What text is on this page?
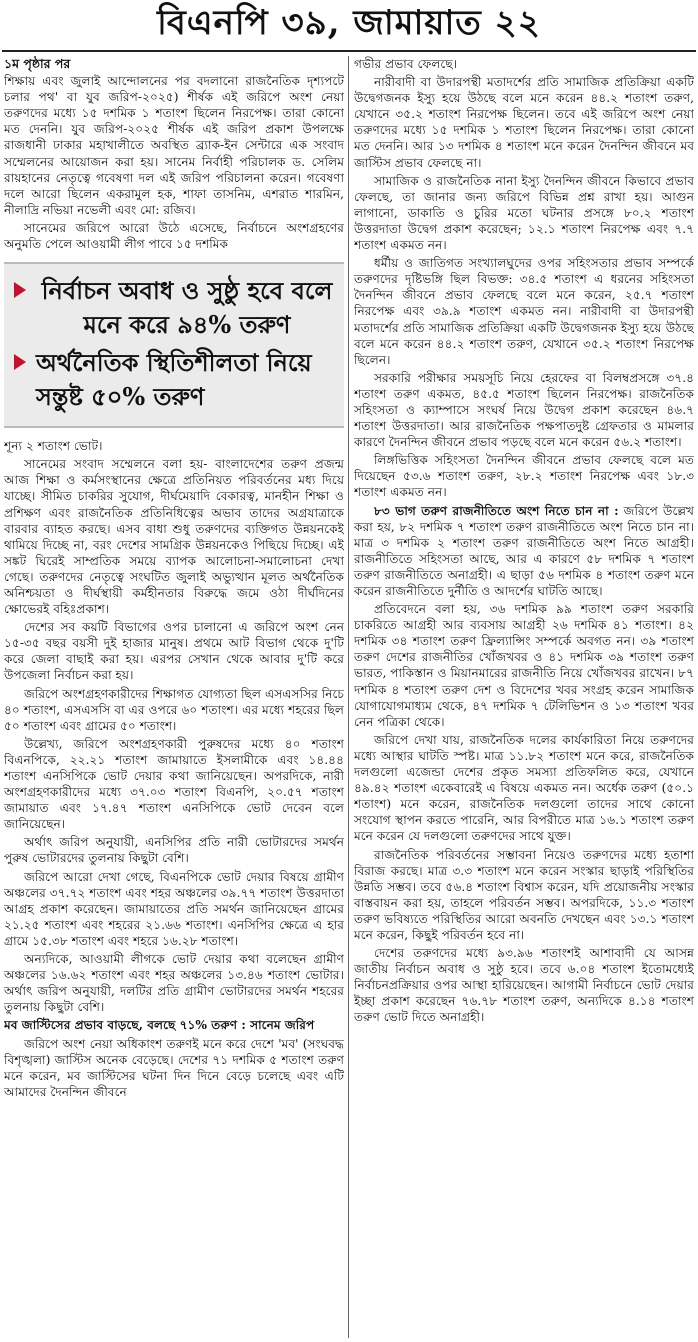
বিএনপি ৩৯, জামায়াত ২২
১ম পৃষ্ঠার পর

শিক্ষায় এবং জুলাই আন্দোলনের পর বদলানো রাজনৈতিক দৃশ্যপটে চলার পথ' বা যুব জরিপ-২০২৫) শীর্ষক এই জরিপে অংশ নেয়া তরুণদের মধ্যে ১৫ দশমিক ১ শতাংশ ছিলেন নিরপেক্ষ। তারা কোনো মত দেননি। যুব জরিপ-২০২৫ শীর্ষক এই জরিপ প্রকাশ উপলক্ষে রাজধানী ঢাকার মহাখালীতে অবস্থিত ব্র্যাক-ইন সেন্টারে এক সংবাদ সম্মেলনের আয়োজন করা হয়। সানেম নির্বাহী পরিচালক ড. সেলিম রায়হানের নেতৃত্বে গবেষণা দল এই জরিপ পরিচালনা করেন। গবেষণা দলে আরো ছিলেন একরামুল হক, শাফা তাসনিম, এশরাত শারমিন, নীলাদ্রি নভিয়া নভেলী এবং মো: রজিব।

সানেমের জরিপে আরো উঠে এসেছে, নির্বাচনে অংশগ্রহণের অনুমতি পেলে আওয়ামী লীগ পাবে ১৫ দশমিক

নির্বাচন অবাধ ও সুষ্ঠু হবে বলে মনে করে ৯৪% তরুণ
অর্থনৈতিক স্থিতিশীলতা নিয়ে সন্তুষ্ট ৫০% তরুণ

শূন্য ২ শতাংশ ভোট।

সানেমের সংবাদ সম্মেলনে বলা হয়- বাংলাদেশের তরুণ প্রজন্ম আজ শিক্ষা ও কর্মসংস্থানের ক্ষেত্রে প্রতিনিয়ত পরিবর্তনের মধ্য দিয়ে যাচ্ছে। সীমিত চাকরির সুযোগ, দীর্ঘমেয়াদি বেকারত্ব, মানহীন শিক্ষা ও প্রশিক্ষণ এবং রাজনৈতিক প্রতিনিধিত্বের অভাব তাদের অগ্রযাত্রাকে বারবার ব্যাহত করছে। এসব বাধা শুধু তরুণদের ব্যক্তিগত উন্নয়নকেই থামিয়ে দিচ্ছে না, বরং দেশের সামগ্রিক উন্নয়নকেও পিছিয়ে দিচ্ছে। এই সঙ্কট ঘিরেই সাম্প্রতিক সময়ে ব্যাপক আলোচনা-সমালোচনা দেখা গেছে। তরুণদের নেতৃত্বে সংঘটিত জুলাই অভ্যুত্থান মূলত অর্থনৈতিক অনিশ্চয়তা ও দীর্ঘস্থায়ী কর্মহীনতার বিরুদ্ধে জমে ওঠা দীর্ঘদিনের ক্ষোভেরই বহিঃপ্রকাশ।

দেশের সব কয়টি বিভাগের ওপর চালানো এ জরিপে অংশ নেন ১৫-৩৫ বছর বয়সী দুই হাজার মানুষ। প্রথমে আট বিভাগ থেকে দু'টি করে জেলা বাছাই করা হয়। এরপর সেখান থেকে আবার দু'টি করে উপজেলা নির্বাচন করা হয়।

জরিপে অংশগ্রহণকারীদের শিক্ষাগত যোগ্যতা ছিল এসএসসির নিচে ৪০ শতাংশ, এসএসসি বা এর ওপরে ৬০ শতাংশ। এর মধ্যে শহরের ছিল ৫০ শতাংশ এবং গ্রামের ৫০ শতাংশ।

উল্লেখ্য, জরিপে অংশগ্রহণকারী পুরুষদের মধ্যে ৪০ শতাংশ বিএনপিকে, ২২.২১ শতাংশ জামায়াতে ইসলামীকে এবং ১৪.৪৪ শতাংশ এনসিপিকে ভোট দেয়ার কথা জানিয়েছেন। অপরদিকে, নারী অংশগ্রহণকারীদের মধ্যে ৩৭.০৩ শতাংশ বিএনপি, ২০.৫৭ শতাংশ জামায়াত এবং ১৭.৪৭ শতাংশ এনসিপিকে ভোট দেবেন বলে জানিয়েছেন।

অর্থাৎ জরিপ অনুযায়ী, এনসিপির প্রতি নারী ভোটারদের সমর্থন পুরুষ ভোটারদের তুলনায় কিছুটা বেশি।

জরিপে আরো দেখা গেছে, বিএনপিকে ভোট দেয়ার বিষয়ে গ্রামীণ অঞ্চলের ৩৭.৭২ শতাংশ এবং শহর অঞ্চলের ৩৯.৭৭ শতাংশ উত্তরদাতা আগ্রহ প্রকাশ করেছেন। জামায়াতের প্রতি সমর্থন জানিয়েছেন গ্রামের ২১.২৫ শতাংশ এবং শহরের ২১.৬৬ শতাংশ। এনসিপির ক্ষেত্রে এ হার গ্রামে ১৫.৩৮ শতাংশ এবং শহরে ১৬.২৮ শতাংশ।

অন্যদিকে, আওয়ামী লীগকে ভোট দেয়ার কথা বলেছেন গ্রামীণ অঞ্চলের ১৬.৬২ শতাংশ এবং শহর অঞ্চলের ১৩.৪৬ শতাংশ ভোটার। অর্থাৎ জরিপ অনুযায়ী, দলটির প্রতি গ্রামীণ ভোটারদের সমর্থন শহরের তুলনায় কিছুটা বেশি।

মব জাস্টিসের প্রভাব বাড়ছে, বলছে ৭১% তরুণ : সানেম জরিপ

জরিপে অংশ নেয়া অধিকাংশ তরুণই মনে করে দেশে 'মব' (সংঘবদ্ধ বিশৃঙ্খলা) জাস্টিস অনেক বেড়েছে। দেশের ৭১ দশমিক ৫ শতাংশ তরুণ মনে করেন, মব জাস্টিসের ঘটনা দিন দিনে বেড়ে চলেছে এবং এটি আমাদের দৈনন্দিন জীবনে

গভীর প্রভাব ফেলছে।

নারীবাদী বা উদারপন্থী মতাদর্শের প্রতি সামাজিক প্রতিক্রিয়া একটি উদ্বেগজনক ইস্যু হয়ে উঠছে বলে মনে করেন ৪৪.২ শতাংশ তরুণ, যেখানে ৩৫.২ শতাংশ নিরপেক্ষ ছিলেন। তবে এই জরিপে অংশ নেয়া তরুণদের মধ্যে ১৫ দশমিক ১ শতাংশ ছিলেন নিরপেক্ষ। তারা কোনো মত দেননি। আর ১৩ দশমিক ৪ শতাংশ মনে করেন দৈনন্দিন জীবনে মব জাস্টিস প্রভাব ফেলছে না।

সামাজিক ও রাজনৈতিক নানা ইস্যু দৈনন্দিন জীবনে কিভাবে প্রভাব ফেলছে, তা জানার জন্য জরিপে বিভিন্ন প্রশ্ন রাখা হয়। আগুন লাগানো, ডাকাতি ও চুরির মতো ঘটনার প্রসঙ্গে ৮০.২ শতাংশ উত্তরদাতা উদ্বেগ প্রকাশ করেছেন; ১২.১ শতাংশ নিরপেক্ষ এবং ৭.৭ শতাংশ একমত নন।

ধর্মীয় ও জাতিগত সংখ্যালঘুদের ওপর সহিংসতার প্রভাব সম্পর্কে তরুণদের দৃষ্টিভঙ্গি ছিল বিভক্ত: ৩৪.৫ শতাংশ এ ধরনের সহিংসতা দৈনন্দিন জীবনে প্রভাব ফেলছে বলে মনে করেন, ২৫.৭ শতাংশ নিরপেক্ষ এবং ৩৯.৯ শতাংশ একমত নন। নারীবাদী বা উদারপন্থী মতাদর্শের প্রতি সামাজিক প্রতিক্রিয়া একটি উদ্বেগজনক ইস্যু হয়ে উঠছে বলে মনে করেন ৪৪.২ শতাংশ তরুণ, যেখানে ৩৫.২ শতাংশ নিরপেক্ষ ছিলেন।

সরকারি পরীক্ষার সময়সূচি নিয়ে হেরফের বা বিলম্বপ্রসঙ্গে ৩৭.৪ শতাংশ তরুণ একমত, ৪৫.৫ শতাংশ ছিলেন নিরপেক্ষ। রাজনৈতিক সহিংসতা ও ক্যাম্পাসে সংঘর্ষ নিয়ে উদ্বেগ প্রকাশ করেছেন ৪৬.৭ শতাংশ উত্তরদাতা। আর রাজনৈতিক পক্ষপাতদুষ্ট গ্রেফতার ও মামলার কারণে দৈনন্দিন জীবনে প্রভাব পড়ছে বলে মনে করেন ৫৬.২ শতাংশ।

লিঙ্গভিত্তিক সহিংসতা দৈনন্দিন জীবনে প্রভাব ফেলছে বলে মত দিয়েছেন ৫৩.৬ শতাংশ তরুণ, ২৮.২ শতাংশ নিরপেক্ষ এবং ১৮.৩ শতাংশ একমত নন।

৮৩ ভাগ তরুণ রাজনীতিতে অংশ নিতে চান না : জরিপে উল্লেখ করা হয়, ৮২ দশমিক ৭ শতাংশ তরুণ রাজনীতিতে অংশ নিতে চান না। মাত্র ৩ দশমিক ২ শতাংশ তরুণ রাজনীতিতে অংশ নিতে আগ্রহী। রাজনীতিতে সহিংসতা আছে, আর এ কারণে ৫৮ দশমিক ৭ শতাংশ তরুণ রাজনীতিতে অনাগ্রহী। এ ছাড়া ৫৬ দশমিক ৪ শতাংশ তরুণ মনে করেন রাজনীতিতে দুর্নীতি ও আদর্শের ঘাটতি আছে।

প্রতিবেদনে বলা হয়, ৩৬ দশমিক ৯৯ শতাংশ তরুণ সরকারি চাকরিতে আগ্রহী আর ব্যবসায় আগ্রহী ২৬ দশমিক ৪১ শতাংশ। ৪২ দশমিক ৩৪ শতাংশ তরুণ ফ্রিল্যান্সিং সম্পর্কে অবগত নন। ৩৯ শতাংশ তরুণ দেশের রাজনীতির খোঁজখবর ও ৪১ দশমিক ৩৯ শতাংশ তরুণ ভারত, পাকিস্তান ও মিয়ানমারের রাজনীতি নিয়ে খোঁজখবর রাখেন। ৮৭ দশমিক ৪ শতাংশ তরুণ দেশ ও বিদেশের খবর সংগ্রহ করেন সামাজিক যোগাযোগমাধ্যম থেকে, ৪৭ দশমিক ৭ টেলিভিশন ও ১৩ শতাংশ খবর নেন পত্রিকা থেকে।

জরিপে দেখা যায়, রাজনৈতিক দলের কার্যকারিতা নিয়ে তরুণদের মধ্যে আস্থার ঘাটতি স্পষ্ট। মাত্র ১১.৮২ শতাংশ মনে করে, রাজনৈতিক দলগুলো এজেন্ডা দেশের প্রকৃত সমস্যা প্রতিফলিত করে, যেখানে ৪৯.৪২ শতাংশ একেবারেই এ বিষয়ে একমত নন। অর্ধেক তরুণ (৫০.১ শতাংশ) মনে করেন, রাজনৈতিক দলগুলো তাদের সাথে কোনো সংযোগ স্থাপন করতে পারেনি, আর বিপরীতে মাত্র ১৬.১ শতাংশ তরুণ মনে করেন যে দলগুলো তরুণদের সাথে যুক্ত।

রাজনৈতিক পরিবর্তনের সম্ভাবনা নিয়েও তরুণদের মধ্যে হতাশা বিরাজ করছে। মাত্র ৩.৩ শতাংশ মনে করেন সংস্কার ছাড়াই পরিস্থিতির উন্নতি সম্ভব। তবে ৫৬.৪ শতাংশ বিশ্বাস করেন, যদি প্রয়োজনীয় সংস্কার বাস্তবায়ন করা হয়, তাহলে পরিবর্তন সম্ভব। অপরদিকে, ১১.৩ শতাংশ তরুণ ভবিষ্যতে পরিস্থিতির আরো অবনতি দেখছেন এবং ১৩.১ শতাংশ মনে করেন, কিছুই পরিবর্তন হবে না।

দেশের তরুণদের মধ্যে ৯৩.৯৬ শতাংশই আশাবাদী যে আসন্ন জাতীয় নির্বাচন অবাধ ও সুষ্ঠু হবে। তবে ৬.০৪ শতাংশ ইতোমধ্যেই নির্বাচনপ্রক্রিয়ার ওপর আস্থা হারিয়েছেন। আগামী নির্বাচনে ভোট দেয়ার ইচ্ছা প্রকাশ করেছেন ৭৬.৭৮ শতাংশ তরুণ, অন্যদিকে ৪.১৪ শতাংশ তরুণ ভোট দিতে অনাগ্রহী।
